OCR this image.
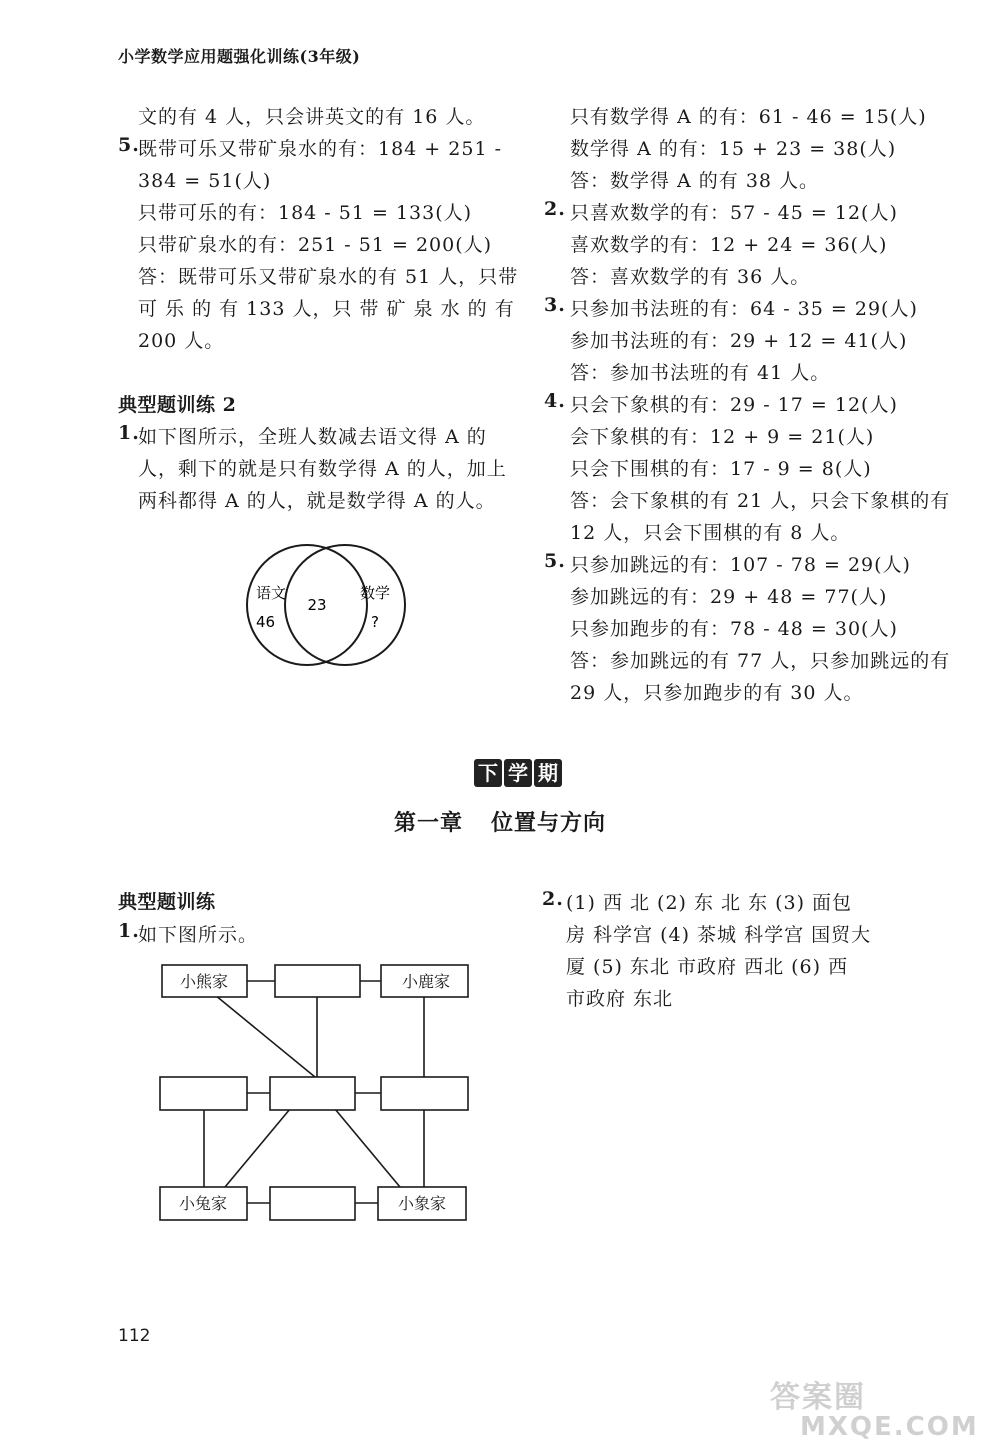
小学数学应用题强化训练(3年级)
文的有 4 人，只会讲英文的有 16 人。
5.
既带可乐又带矿泉水的有：184 + 251 -
384 = 51(人)
只带可乐的有：184 - 51 = 133(人)
只带矿泉水的有：251 - 51 = 200(人)
答：既带可乐又带矿泉水的有 51 人，只带
可 乐 的 有 133 人，只 带 矿 泉 水 的 有
200 人。
典型题训练 2
1.
如下图所示，全班人数减去语文得 A 的
人，剩下的就是只有数学得 A 的人，加上
两科都得 A 的人，就是数学得 A 的人。
语文
46
23
数学
?
只有数学得 A 的有：61 - 46 = 15(人)
数学得 A 的有：15 + 23 = 38(人)
答：数学得 A 的有 38 人。
2. 只喜欢数学的有：57 - 45 = 12(人)
喜欢数学的有：12 + 24 = 36(人)
答：喜欢数学的有 36 人。
3. 只参加书法班的有：64 - 35 = 29(人)
参加书法班的有：29 + 12 = 41(人)
答：参加书法班的有 41 人。
4. 只会下象棋的有：29 - 17 = 12(人)
会下象棋的有：12 + 9 = 21(人)
只会下围棋的有：17 - 9 = 8(人)
答：会下象棋的有 21 人，只会下象棋的有
12 人，只会下围棋的有 8 人。
5. 只参加跳远的有：107 - 78 = 29(人)
参加跳远的有：29 + 48 = 77(人)
只参加跑步的有：78 - 48 = 30(人)
答：参加跳远的有 77 人，只参加跳远的有
29 人，只参加跑步的有 30 人。
下 学 期
第一章 位置与方向
典型题训练
1.
如下图所示。
小熊家	小鹿家
小兔家	小象家
2. (1) 西 北 (2) 东 北 东 (3) 面包
房 科学宫 (4) 茶城 科学宫 国贸大
厦 (5) 东北 市政府 西北 (6) 西
市政府 东北
112
答案圈
MXQE.COM
